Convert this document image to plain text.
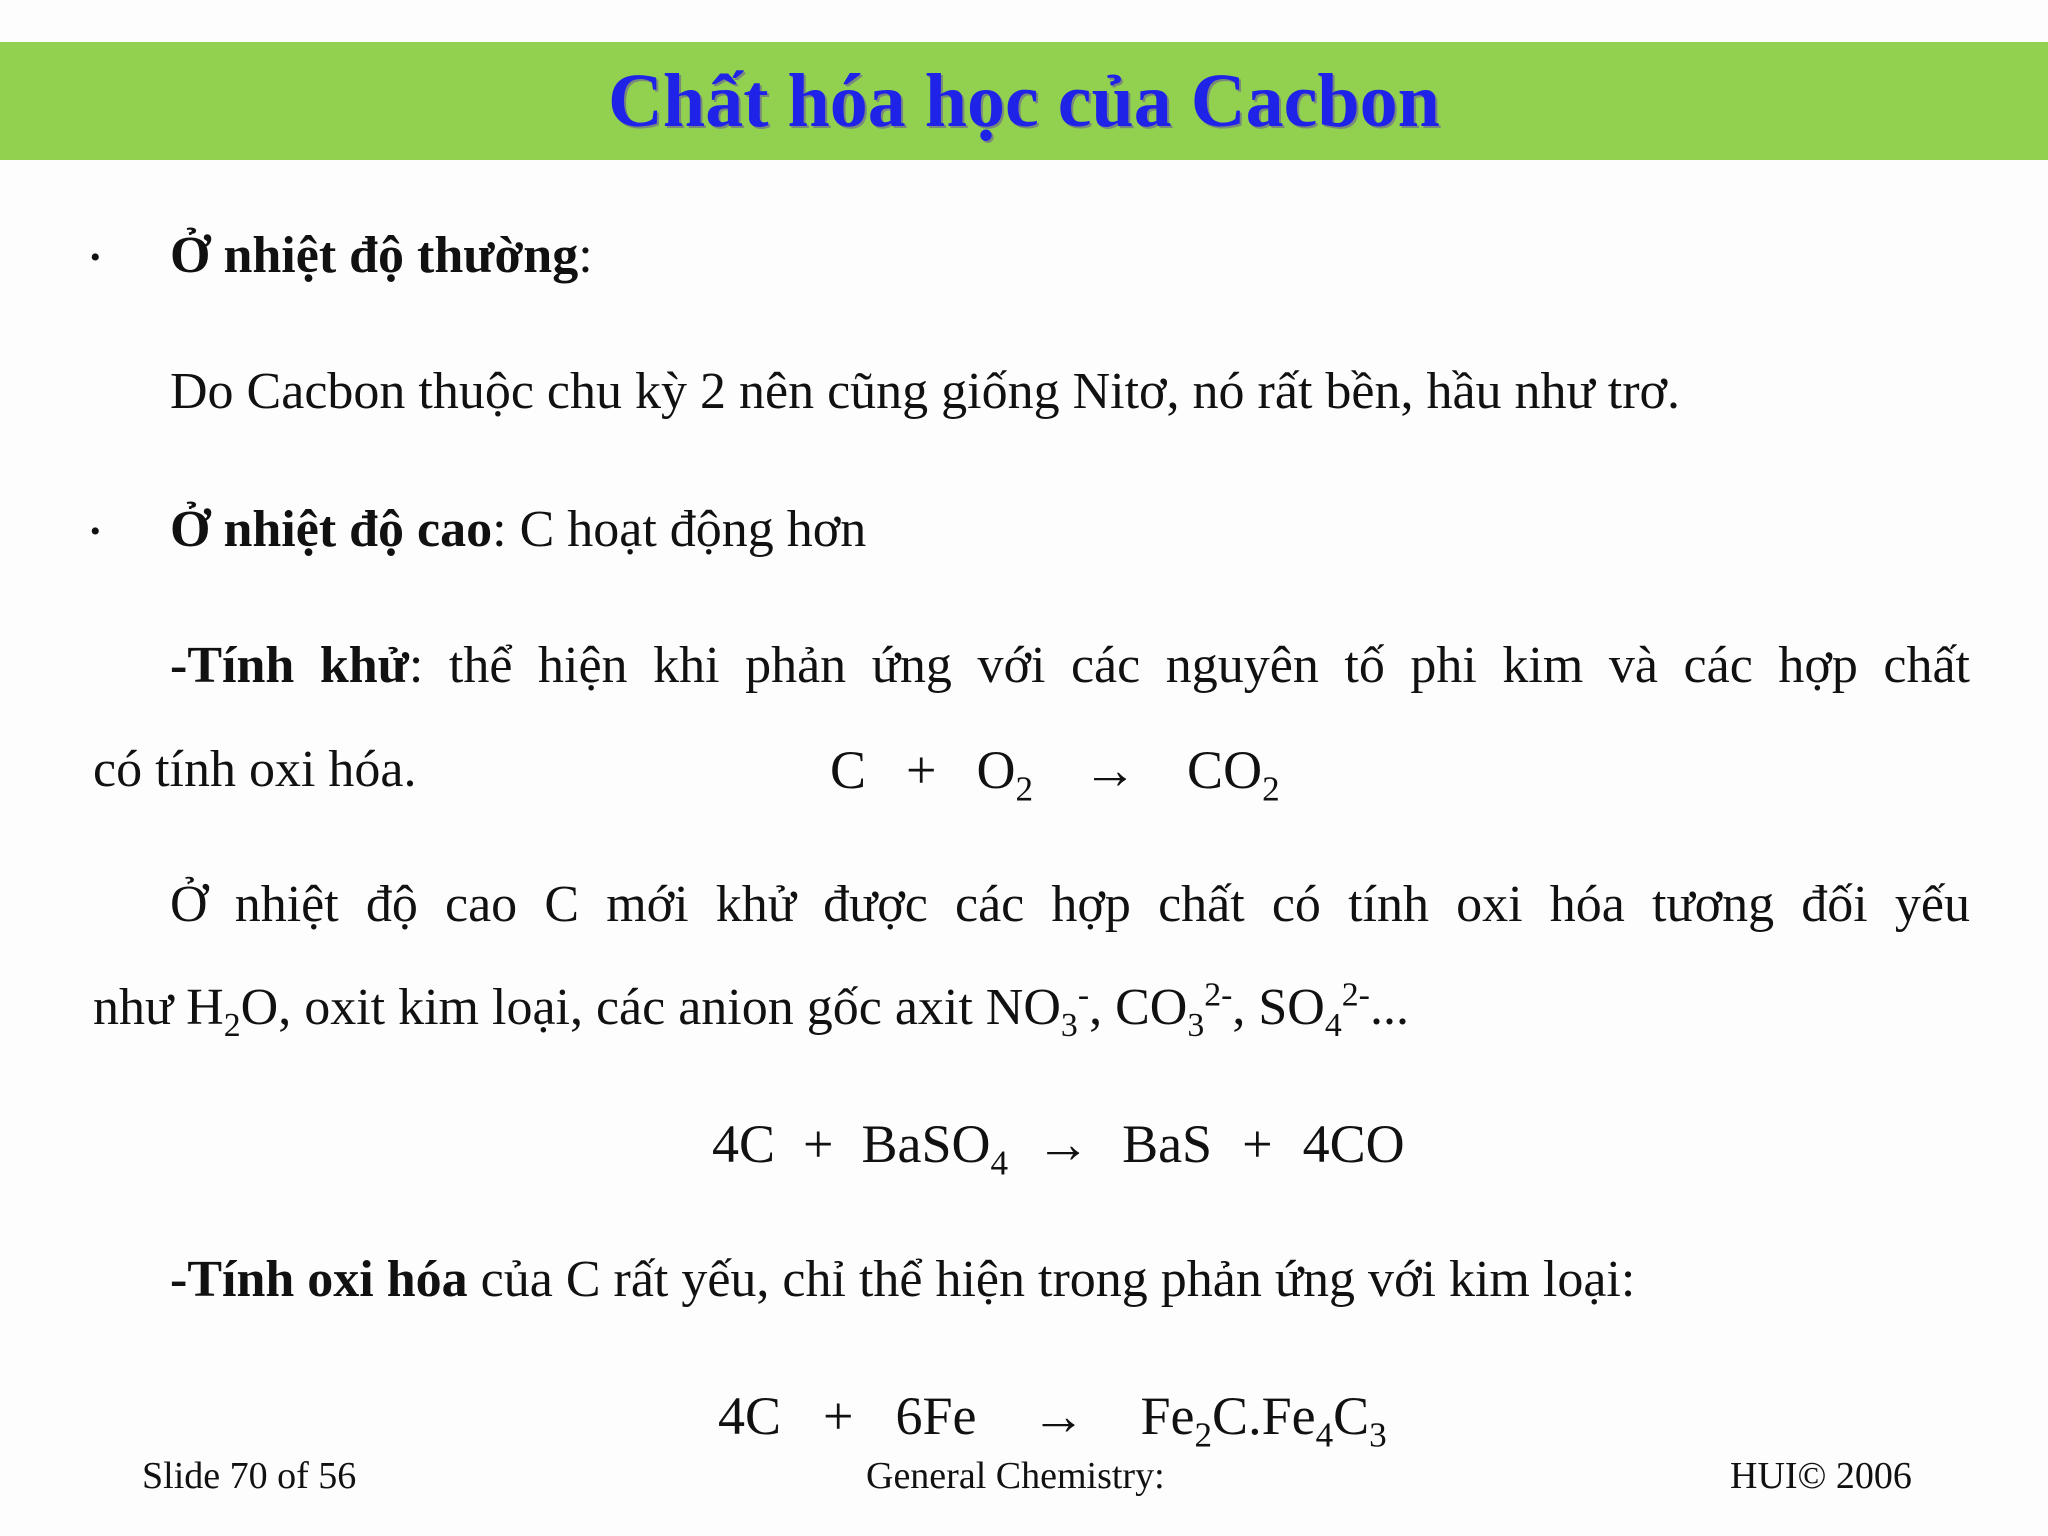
Chất hóa học của Cacbon
• Ở nhiệt độ thường:
Do Cacbon thuộc chu kỳ 2 nên cũng giống Nitơ, nó rất bền, hầu như trơ.
• Ở nhiệt độ cao: C hoạt động hơn
-Tính khử: thể hiện khi phản ứng với các nguyên tố phi kim và các hợp chất
có tính oxi hóa.	$C + O_2 \to CO_2$
Ở nhiệt độ cao C mới khử được các hợp chất có tính oxi hóa tương đối yếu
như $H_2O$, oxit kim loại, các anion gốc axit $NO_3^-$, $CO_3^{2-}$, $SO_4^{2-}$...
4C + BaSO$_4$ → BaS + 4CO
-Tính oxi hóa của C rất yếu, chỉ thể hiện trong phản ứng với kim loại:
$4C + 6Fe \to Fe_2C.Fe_4C_3$
Slide 70 of 56	General Chemistry:	HUI© 2006
